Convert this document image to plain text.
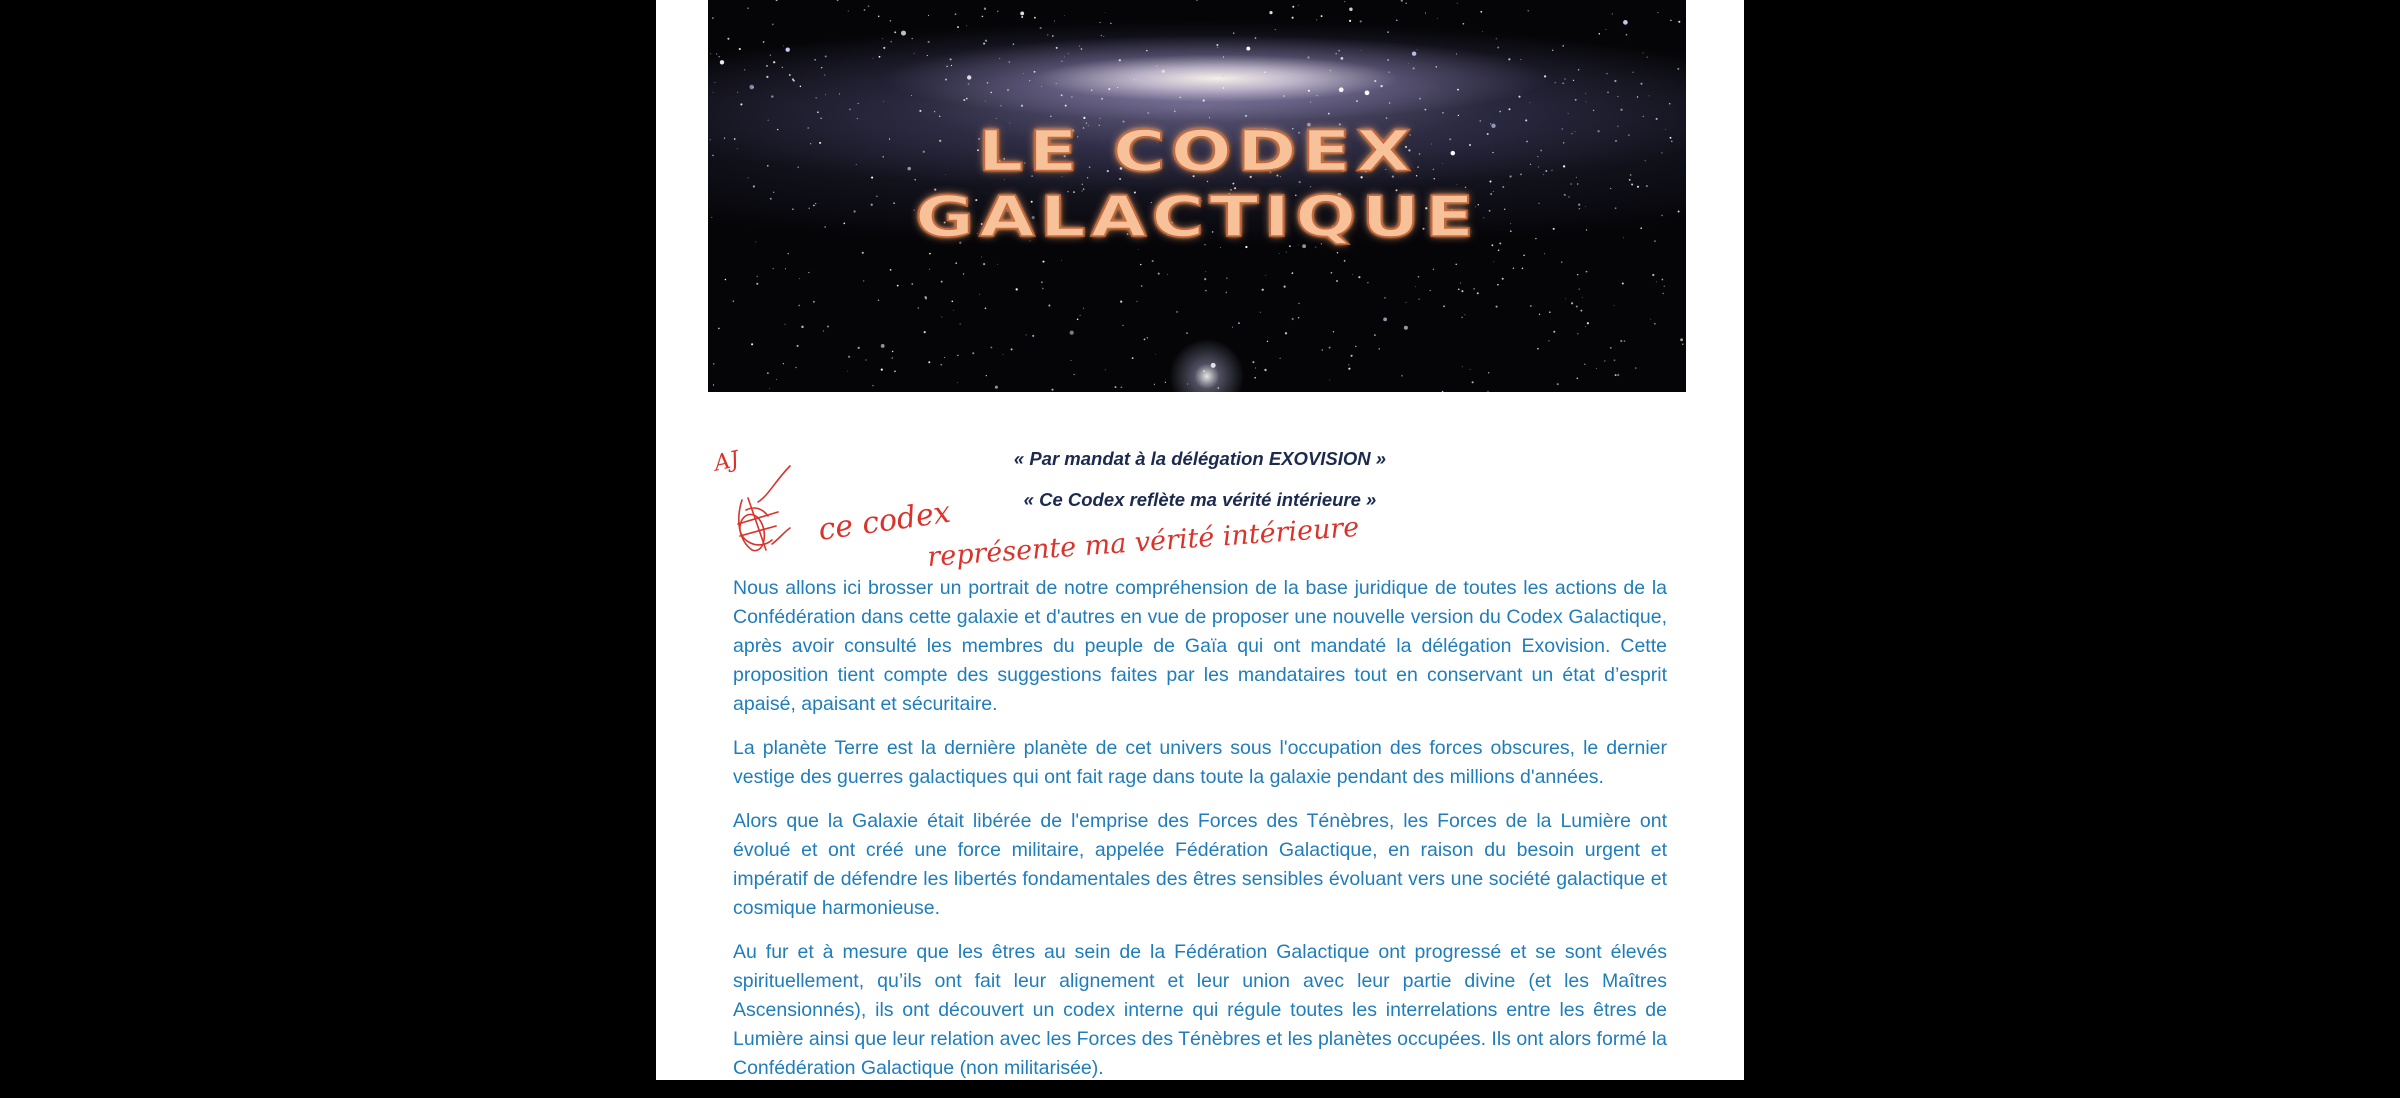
LE CODEX GALACTIQUE
« Par mandat à la délégation EXOVISION »
« Ce Codex reflète ma vérité intérieure »
AJ
ce codex
représente ma vérité intérieure

Nous allons ici brosser un portrait de notre compréhension de la base juridique de toutes les actions de la Confédération dans cette galaxie et d'autres en vue de proposer une nouvelle version du Codex Galactique, après avoir consulté les membres du peuple de Gaïa qui ont mandaté la délégation Exovision. Cette proposition tient compte des suggestions faites par les mandataires tout en conservant un état d’esprit apaisé, apaisant et sécuritaire.

La planète Terre est la dernière planète de cet univers sous l'occupation des forces obscures, le dernier vestige des guerres galactiques qui ont fait rage dans toute la galaxie pendant des millions d'années.

Alors que la Galaxie était libérée de l'emprise des Forces des Ténèbres, les Forces de la Lumière ont évolué et ont créé une force militaire, appelée Fédération Galactique, en raison du besoin urgent et impératif de défendre les libertés fondamentales des êtres sensibles évoluant vers une société galactique et cosmique harmonieuse.

Au fur et à mesure que les êtres au sein de la Fédération Galactique ont progressé et se sont élevés spirituellement, qu’ils ont fait leur alignement et leur union avec leur partie divine (et les Maîtres Ascensionnés), ils ont découvert un codex interne qui régule toutes les interrelations entre les êtres de Lumière ainsi que leur relation avec les Forces des Ténèbres et les planètes occupées. Ils ont alors formé la Confédération Galactique (non militarisée).
